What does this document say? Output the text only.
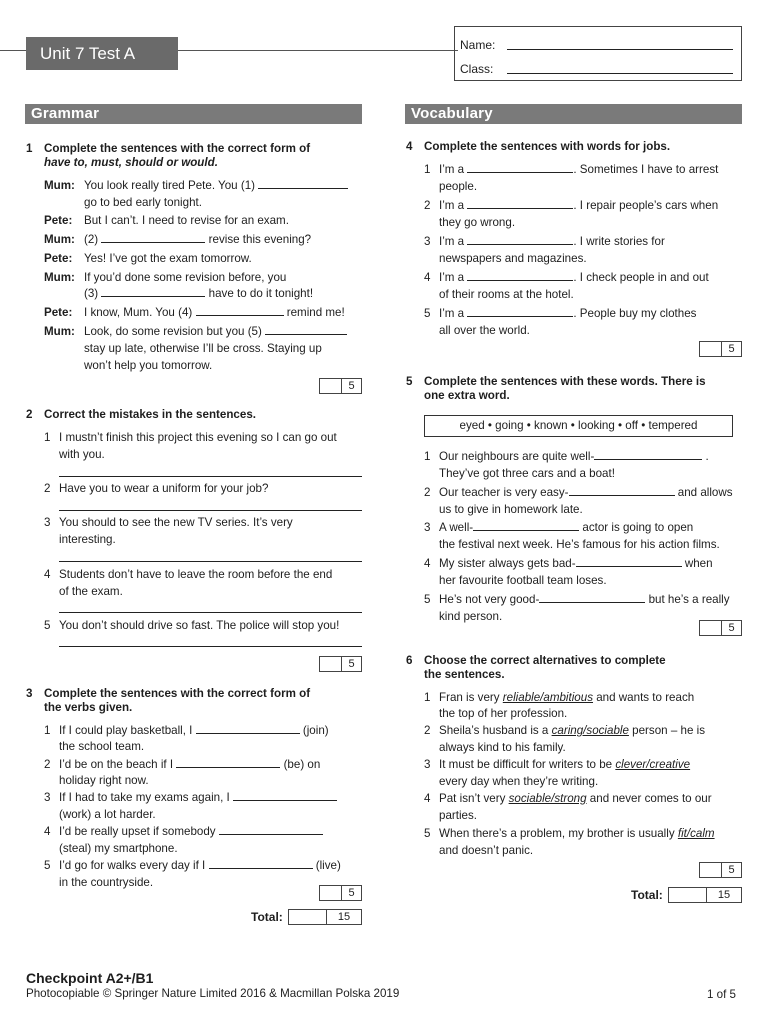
Unit 7 Test A	Name:
Class:
Grammar
1 Complete the sentences with the correct form of
have to, must, should or would.
Mum: You look really tired Pete. You (1)
go to bed early tonight.
Pete: But I can’t. I need to revise for an exam.
Mum: (2)	revise this evening?
Pete: Yes! I’ve got the exam tomorrow.
Mum: If you’d done some revision before, you
(3)	have to do it tonight!
Pete: I know, Mum. You (4)	remind me!
Mum: Look, do some revision but you (5)
stay up late, otherwise I’ll be cross. Staying up
won’t help you tomorrow.
5
2 Correct the mistakes in the sentences.
1 I mustn’t finish this project this evening so I can go out
with you.
2 Have you to wear a uniform for your job?
3 You should to see the new TV series. It’s very
interesting.
4 Students don’t have to leave the room before the end
of the exam.
5 You don’t should drive so fast. The police will stop you!
5
3 Complete the sentences with the correct form of
the verbs given.
1 If I could play basketball, I	(join)
the school team.
2 I’d be on the beach if I	(be) on
holiday right now.
3 If I had to take my exams again, I
(work) a lot harder.
4 I’d be really upset if somebody
(steal) my smartphone.
5 I’d go for walks every day if I	(live)
in the countryside.
5
Total:	15
Vocabulary
4 Complete the sentences with words for jobs.
1 I’m a	. Sometimes I have to arrest
people.
2 I’m a	. I repair people’s cars when
they go wrong.
3 I’m a	. I write stories for
newspapers and magazines.
4 I’m a	. I check people in and out
of their rooms at the hotel.
5 I’m a	. People buy my clothes
all over the world.
5
5 Complete the sentences with these words. There is
one extra word.
eyed • going • known • looking • off • tempered
1 Our neighbours are quite well-	.
They’ve got three cars and a boat!
2 Our teacher is very easy-	and allows
us to give in homework late.
3 A well-	actor is going to open
the festival next week. He’s famous for his action films.
4 My sister always gets bad-	when
her favourite football team loses.
5 He’s not very good-	but he’s a really
kind person.
5
6 Choose the correct alternatives to complete
the sentences.
1 Fran is very reliable/ambitious and wants to reach
the top of her profession.
2 Sheila’s husband is a caring/sociable person – he is
always kind to his family.
3 It must be difficult for writers to be clever/creative
every day when they’re writing.
4 Pat isn’t very sociable/strong and never comes to our
parties.
5 When there’s a problem, my brother is usually fit/calm
and doesn’t panic.
5
Total:	15
Checkpoint A2+/B1
Photocopiable © Springer Nature Limited 2016 & Macmillan Polska 2019	1 of 5
